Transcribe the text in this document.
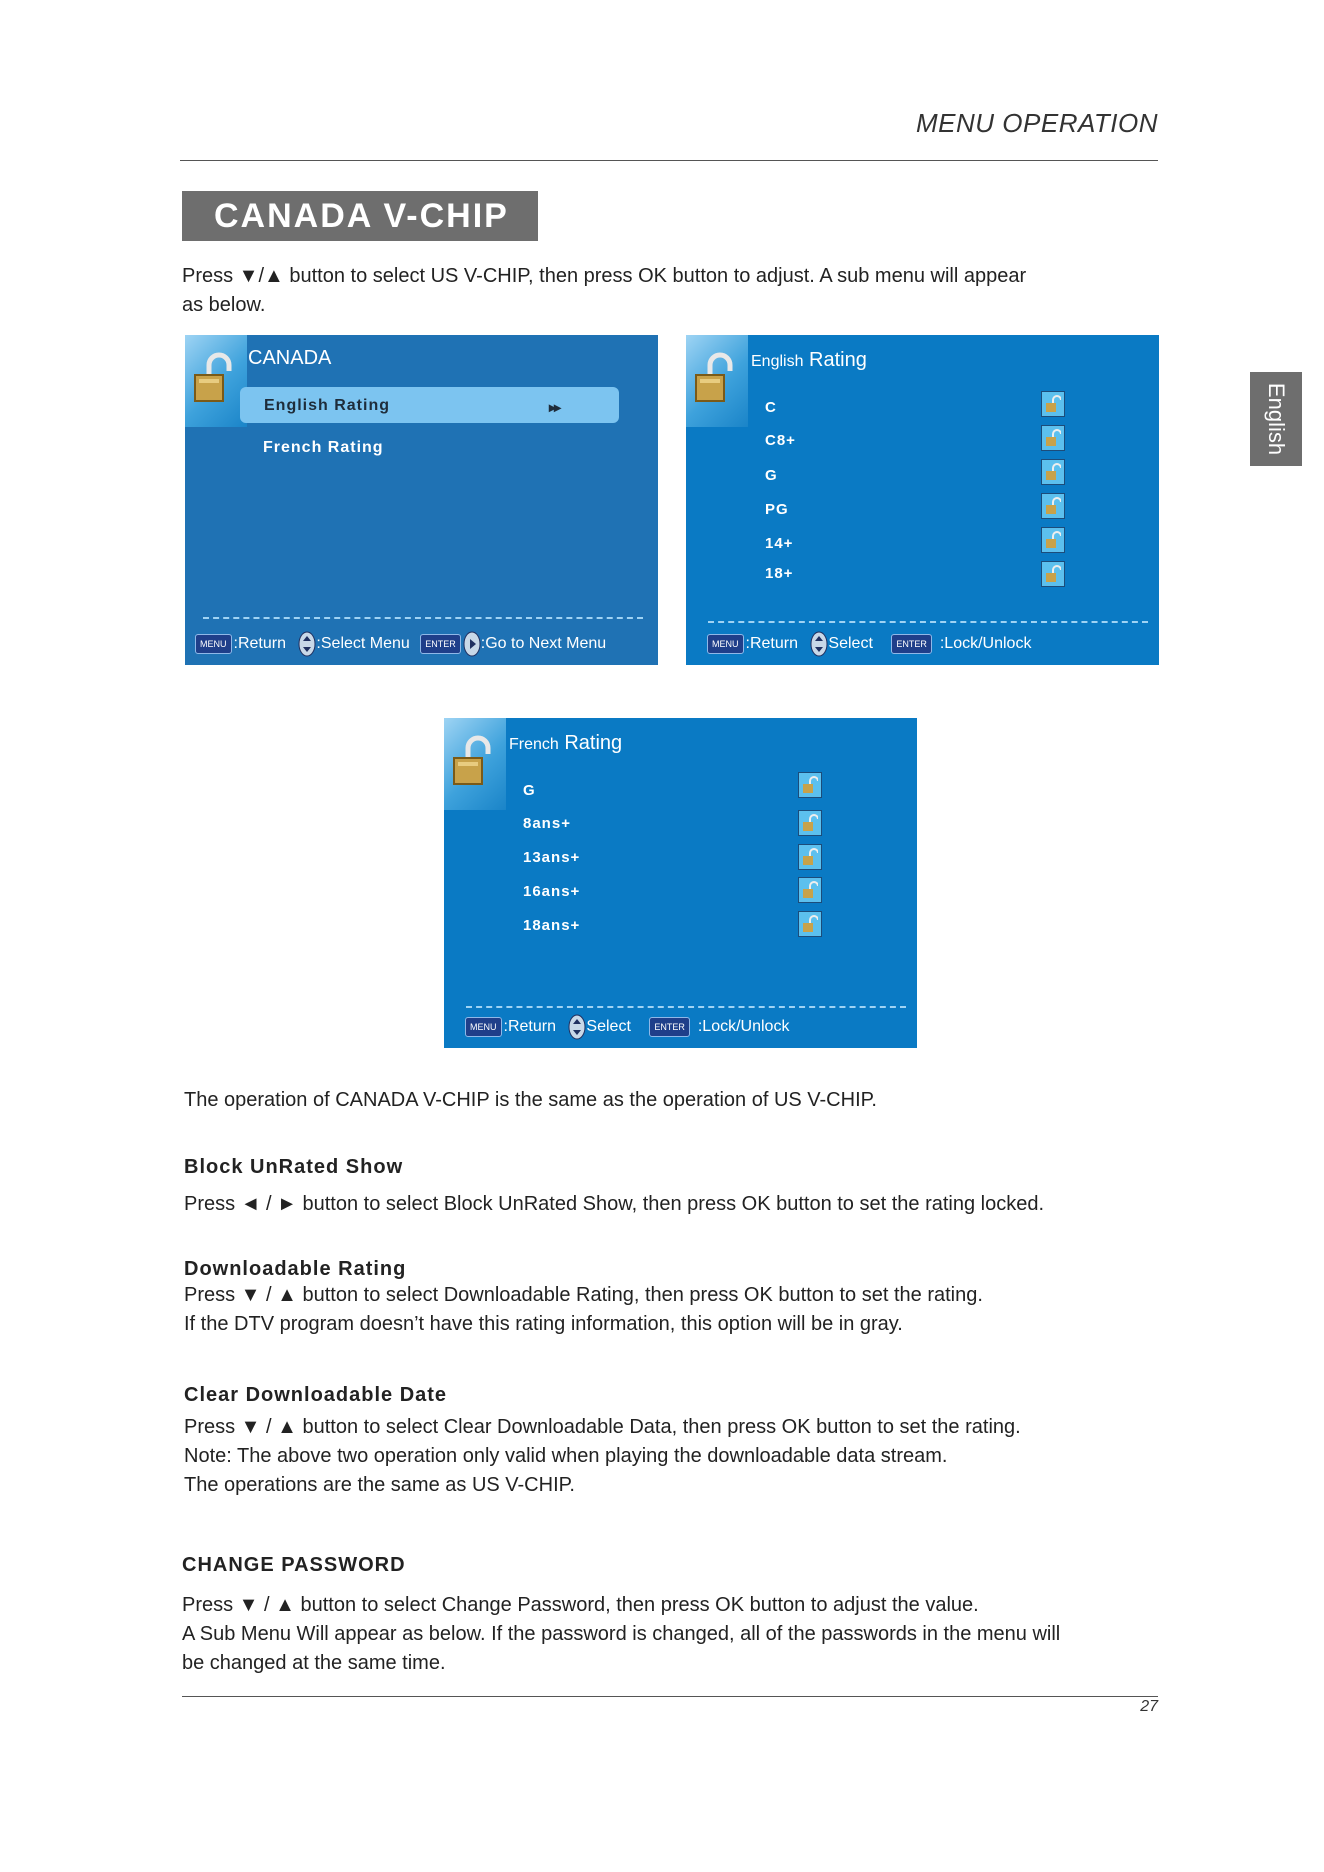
MENU OPERATION
CANADA V-CHIP
English
Press ▼/▲ button to select US V-CHIP, then press OK button to adjust. A sub menu will appear
as below.
CANADA
English Rating	▸▸
French Rating
MENU :Return :Select Menu ENTER :Go to Next Menu
English Rating
C
C8+
G
PG
14+
18+
MENU :Return Select	ENTER :Lock/Unlock
French Rating
G
8ans+
13ans+
16ans+
18ans+
MENU :Return Select	ENTER :Lock/Unlock
The operation of CANADA V-CHIP is the same as the operation of US V-CHIP.
Block UnRated Show
Press ◄ / ► button to select Block UnRated Show, then press OK button to set the rating locked.
Downloadable Rating
Press ▼ / ▲ button to select Downloadable Rating, then press OK button to set the rating.
If the DTV program doesn’t have this rating information, this option will be in gray.
Clear Downloadable Date
Press ▼ / ▲ button to select Clear Downloadable Data, then press OK button to set the rating.
Note: The above two operation only valid when playing the downloadable data stream.
The operations are the same as US V-CHIP.
CHANGE PASSWORD
Press ▼ / ▲ button to select Change Password, then press OK button to adjust the value.
A Sub Menu Will appear as below. If the password is changed, all of the passwords in the menu will
be changed at the same time.
27
